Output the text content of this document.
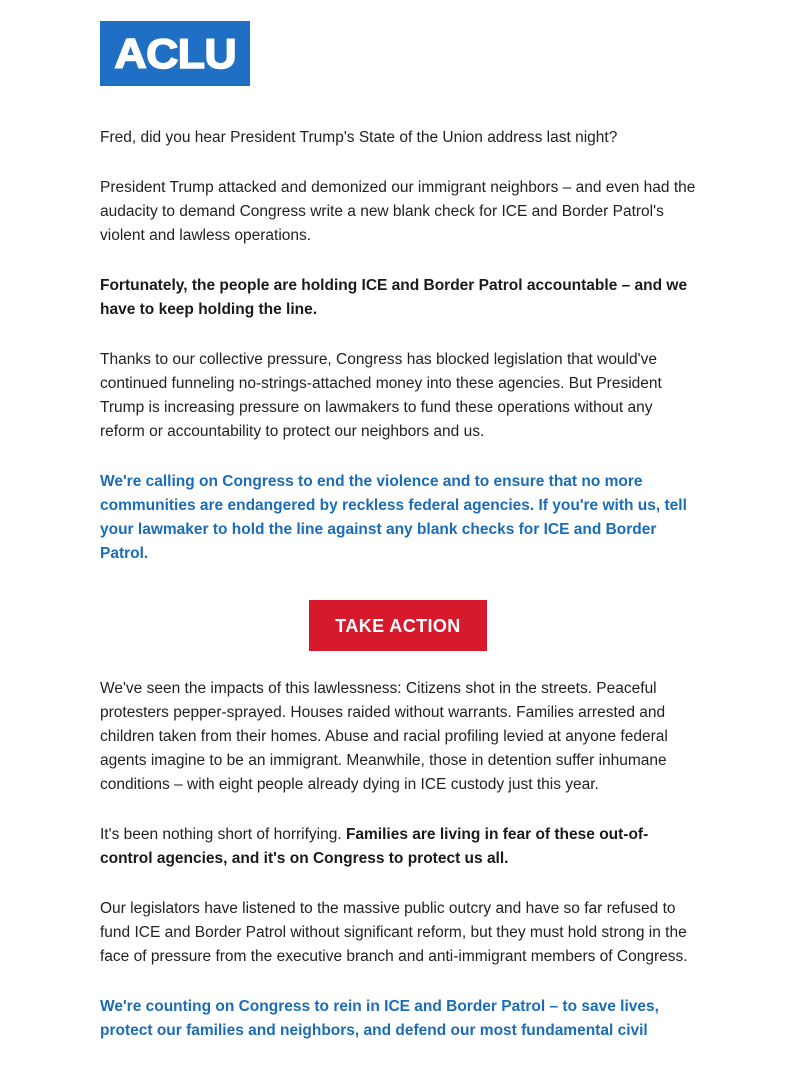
ACLU

Fred, did you hear President Trump's State of the Union address last night?

President Trump attacked and demonized our immigrant neighbors – and even had the audacity to demand Congress write a new blank check for ICE and Border Patrol's violent and lawless operations.

Fortunately, the people are holding ICE and Border Patrol accountable – and we have to keep holding the line.

Thanks to our collective pressure, Congress has blocked legislation that would've continued funneling no-strings-attached money into these agencies. But President Trump is increasing pressure on lawmakers to fund these operations without any reform or accountability to protect our neighbors and us.

We're calling on Congress to end the violence and to ensure that no more communities are endangered by reckless federal agencies. If you're with us, tell your lawmaker to hold the line against any blank checks for ICE and Border Patrol.

TAKE ACTION

We've seen the impacts of this lawlessness: Citizens shot in the streets. Peaceful protesters pepper-sprayed. Houses raided without warrants. Families arrested and children taken from their homes. Abuse and racial profiling levied at anyone federal agents imagine to be an immigrant. Meanwhile, those in detention suffer inhumane conditions – with eight people already dying in ICE custody just this year.

It's been nothing short of horrifying. Families are living in fear of these out-of-control agencies, and it's on Congress to protect us all.

Our legislators have listened to the massive public outcry and have so far refused to fund ICE and Border Patrol without significant reform, but they must hold strong in the face of pressure from the executive branch and anti-immigrant members of Congress.

We're counting on Congress to rein in ICE and Border Patrol – to save lives, protect our families and neighbors, and defend our most fundamental civil
